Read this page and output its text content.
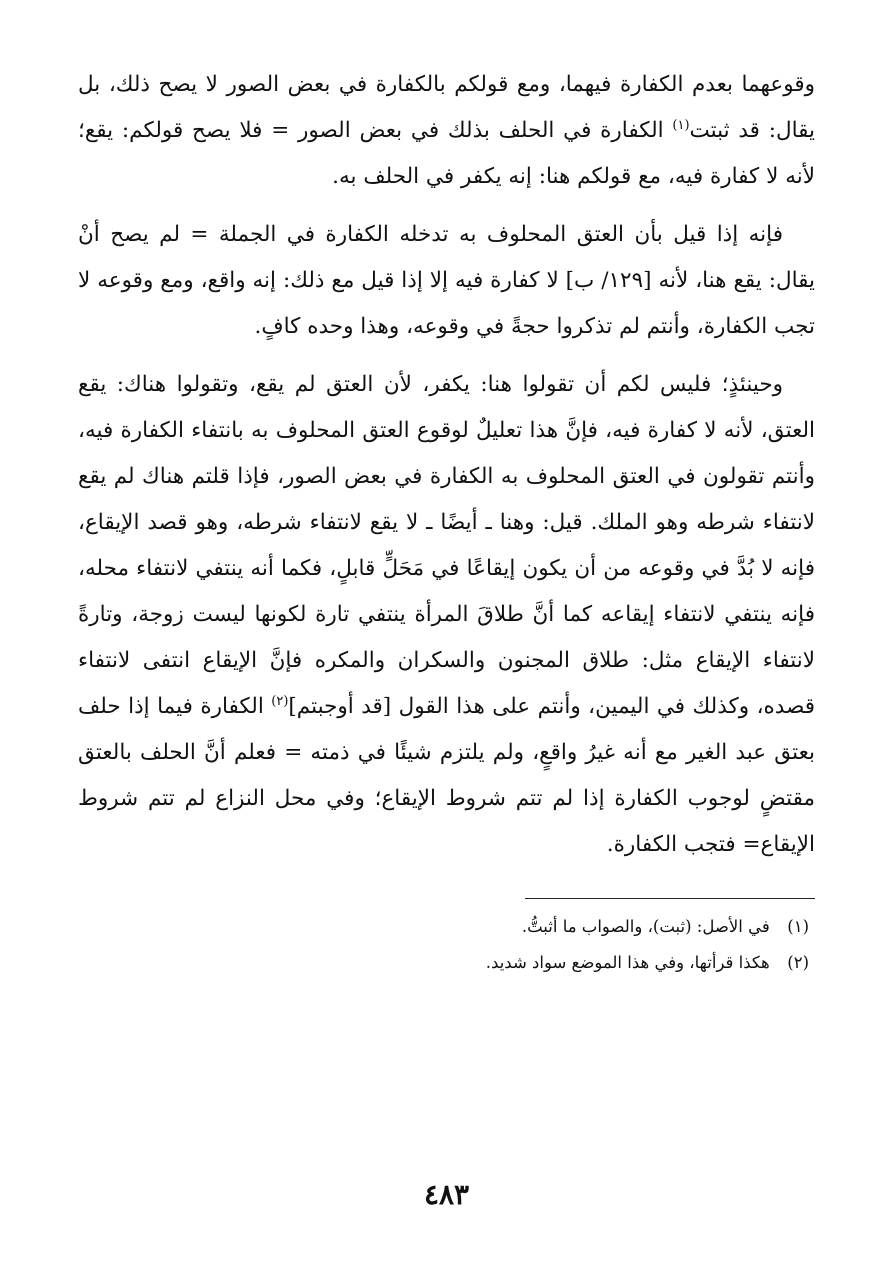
وقوعهما بعدم الكفارة فيهما، ومع قولكم بالكفارة في بعض الصور لا يصح ذلك، بل يقال: قد ثبتت$^{(١)}$ الكفارة في الحلف بذلك في بعض الصور = فلا يصح قولكم: يقع؛ لأنه لا كفارة فيه، مع قولكم هنا: إنه يكفر في الحلف به.

فإنه إذا قيل بأن العتق المحلوف به تدخله الكفارة في الجملة = لم يصح أنْ يقال: يقع هنا، لأنه [١٢٩/ ب] لا كفارة فيه إلا إذا قيل مع ذلك: إنه واقع، ومع وقوعه لا تجب الكفارة، وأنتم لم تذكروا حجةً في وقوعه، وهذا وحده كافٍ.

وحينئذٍ؛ فليس لكم أن تقولوا هنا: يكفر، لأن العتق لم يقع، وتقولوا هناك: يقع العتق، لأنه لا كفارة فيه، فإنَّ هذا تعليلٌ لوقوع العتق المحلوف به بانتفاء الكفارة فيه، وأنتم تقولون في العتق المحلوف به الكفارة في بعض الصور، فإذا قلتم هناك لم يقع لانتفاء شرطه وهو الملك. قيل: وهنا ـ أيضًا ـ لا يقع لانتفاء شرطه، وهو قصد الإيقاع، فإنه لا بُدَّ في وقوعه من أن يكون إيقاعًا في مَحَلٍّ قابلٍ، فكما أنه ينتفي لانتفاء محله، فإنه ينتفي لانتفاء إيقاعه كما أنَّ طلاقَ المرأة ينتفي تارة لكونها ليست زوجة، وتارةً لانتفاء الإيقاع مثل: طلاق المجنون والسكران والمكره فإنَّ الإيقاع انتفى لانتفاء قصده، وكذلك في اليمين، وأنتم على هذا القول [قد أوجبتم]$^{(٢)}$ الكفارة فيما إذا حلف بعتق عبد الغير مع أنه غيرُ واقعٍ، ولم يلتزم شيئًا في ذمته = فعلم أنَّ الحلف بالعتق مقتضٍ لوجوب الكفارة إذا لم تتم شروط الإيقاع؛ وفي محل النزاع لم تتم شروط الإيقاع= فتجب الكفارة.

(١) في الأصل: (ثبت)، والصواب ما أثبتُّ.

(٢) هكذا قرأتها، وفي هذا الموضع سواد شديد.

٤٨٣
